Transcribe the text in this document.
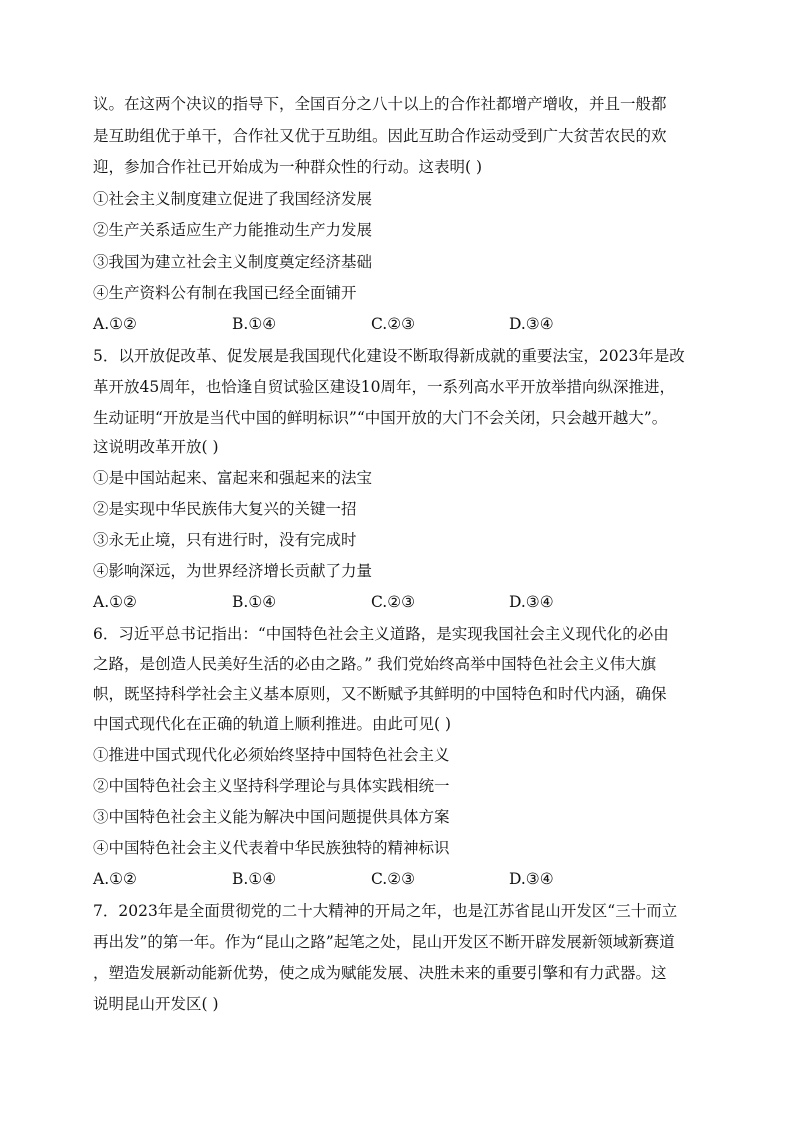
议。在这两个决议的指导下，全国百分之八十以上的合作社都增产增收，并且一般都
是互助组优于单干，合作社又优于互助组。因此互助合作运动受到广大贫苦农民的欢
迎，参加合作社已开始成为一种群众性的行动。这表明( )
①社会主义制度建立促进了我国经济发展
②生产关系适应生产力能推动生产力发展
③我国为建立社会主义制度奠定经济基础
④生产资料公有制在我国已经全面铺开
A.①②	B.①④	C.②③	D.③④
5．以开放促改革、促发展是我国现代化建设不断取得新成就的重要法宝，2023年是改
革开放45周年，也恰逢自贸试验区建设10周年，一系列高水平开放举措向纵深推进，
生动证明“开放是当代中国的鲜明标识”“中国开放的大门不会关闭，只会越开越大”。
这说明改革开放( )
①是中国站起来、富起来和强起来的法宝
②是实现中华民族伟大复兴的关键一招
③永无止境，只有进行时，没有完成时
④影响深远，为世界经济增长贡献了力量
A.①②	B.①④	C.②③	D.③④
6．习近平总书记指出：“中国特色社会主义道路，是实现我国社会主义现代化的必由
之路，是创造人民美好生活的必由之路。” 我们党始终高举中国特色社会主义伟大旗
帜，既坚持科学社会主义基本原则，又不断赋予其鲜明的中国特色和时代内涵，确保
中国式现代化在正确的轨道上顺利推进。由此可见( )
①推进中国式现代化必须始终坚持中国特色社会主义
②中国特色社会主义坚持科学理论与具体实践相统一
③中国特色社会主义能为解决中国问题提供具体方案
④中国特色社会主义代表着中华民族独特的精神标识
A.①②	B.①④	C.②③	D.③④
7．2023年是全面贯彻党的二十大精神的开局之年，也是江苏省昆山开发区“三十而立
再出发”的第一年。作为“昆山之路”起笔之处，昆山开发区不断开辟发展新领域新赛道
，塑造发展新动能新优势，使之成为赋能发展、决胜未来的重要引擎和有力武器。这
说明昆山开发区( )
